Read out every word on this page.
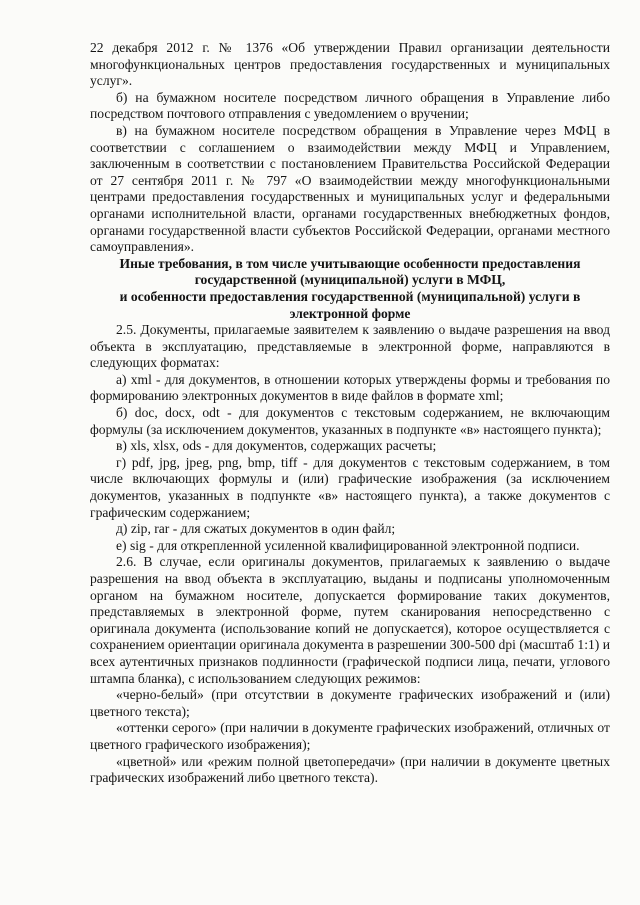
22 декабря 2012 г. № 1376 «Об утверждении Правил организации деятельности многофункциональных центров предоставления государственных и муниципальных услуг».

б) на бумажном носителе посредством личного обращения в Управление либо посредством почтового отправления с уведомлением о вручении;

в) на бумажном носителе посредством обращения в Управление через МФЦ в соответствии с соглашением о взаимодействии между МФЦ и Управлением, заключенным в соответствии с постановлением Правительства Российской Федерации от 27 сентября 2011 г. № 797 «О взаимодействии между многофункциональными центрами предоставления государственных и муниципальных услуг и федеральными органами исполнительной власти, органами государственных внебюджетных фондов, органами государственной власти субъектов Российской Федерации, органами местного самоуправления».

Иные требования, в том числе учитывающие особенности предоставления государственной (муниципальной) услуги в МФЦ,

и особенности предоставления государственной (муниципальной) услуги в электронной форме

2.5. Документы, прилагаемые заявителем к заявлению о выдаче разрешения на ввод объекта в эксплуатацию, представляемые в электронной форме, направляются в следующих форматах:

а) xml - для документов, в отношении которых утверждены формы и требования по формированию электронных документов в виде файлов в формате xml;

б) doc, docx, odt - для документов с текстовым содержанием, не включающим формулы (за исключением документов, указанных в подпункте «в» настоящего пункта);

в) xls, xlsx, ods - для документов, содержащих расчеты;

г) pdf, jpg, jpeg, png, bmp, tiff - для документов с текстовым содержанием, в том числе включающих формулы и (или) графические изображения (за исключением документов, указанных в подпункте «в» настоящего пункта), а также документов с графическим содержанием;

д) zip, rar - для сжатых документов в один файл;

е) sig - для открепленной усиленной квалифицированной электронной подписи.

2.6. В случае, если оригиналы документов, прилагаемых к заявлению о выдаче разрешения на ввод объекта в эксплуатацию, выданы и подписаны уполномоченным органом на бумажном носителе, допускается формирование таких документов, представляемых в электронной форме, путем сканирования непосредственно с оригинала документа (использование копий не допускается), которое осуществляется с сохранением ориентации оригинала документа в разрешении 300-500 dpi (масштаб 1:1) и всех аутентичных признаков подлинности (графической подписи лица, печати, углового штампа бланка), с использованием следующих режимов:

«черно-белый» (при отсутствии в документе графических изображений и (или) цветного текста);

«оттенки серого» (при наличии в документе графических изображений, отличных от цветного графического изображения);

«цветной» или «режим полной цветопередачи» (при наличии в документе цветных графических изображений либо цветного текста).
